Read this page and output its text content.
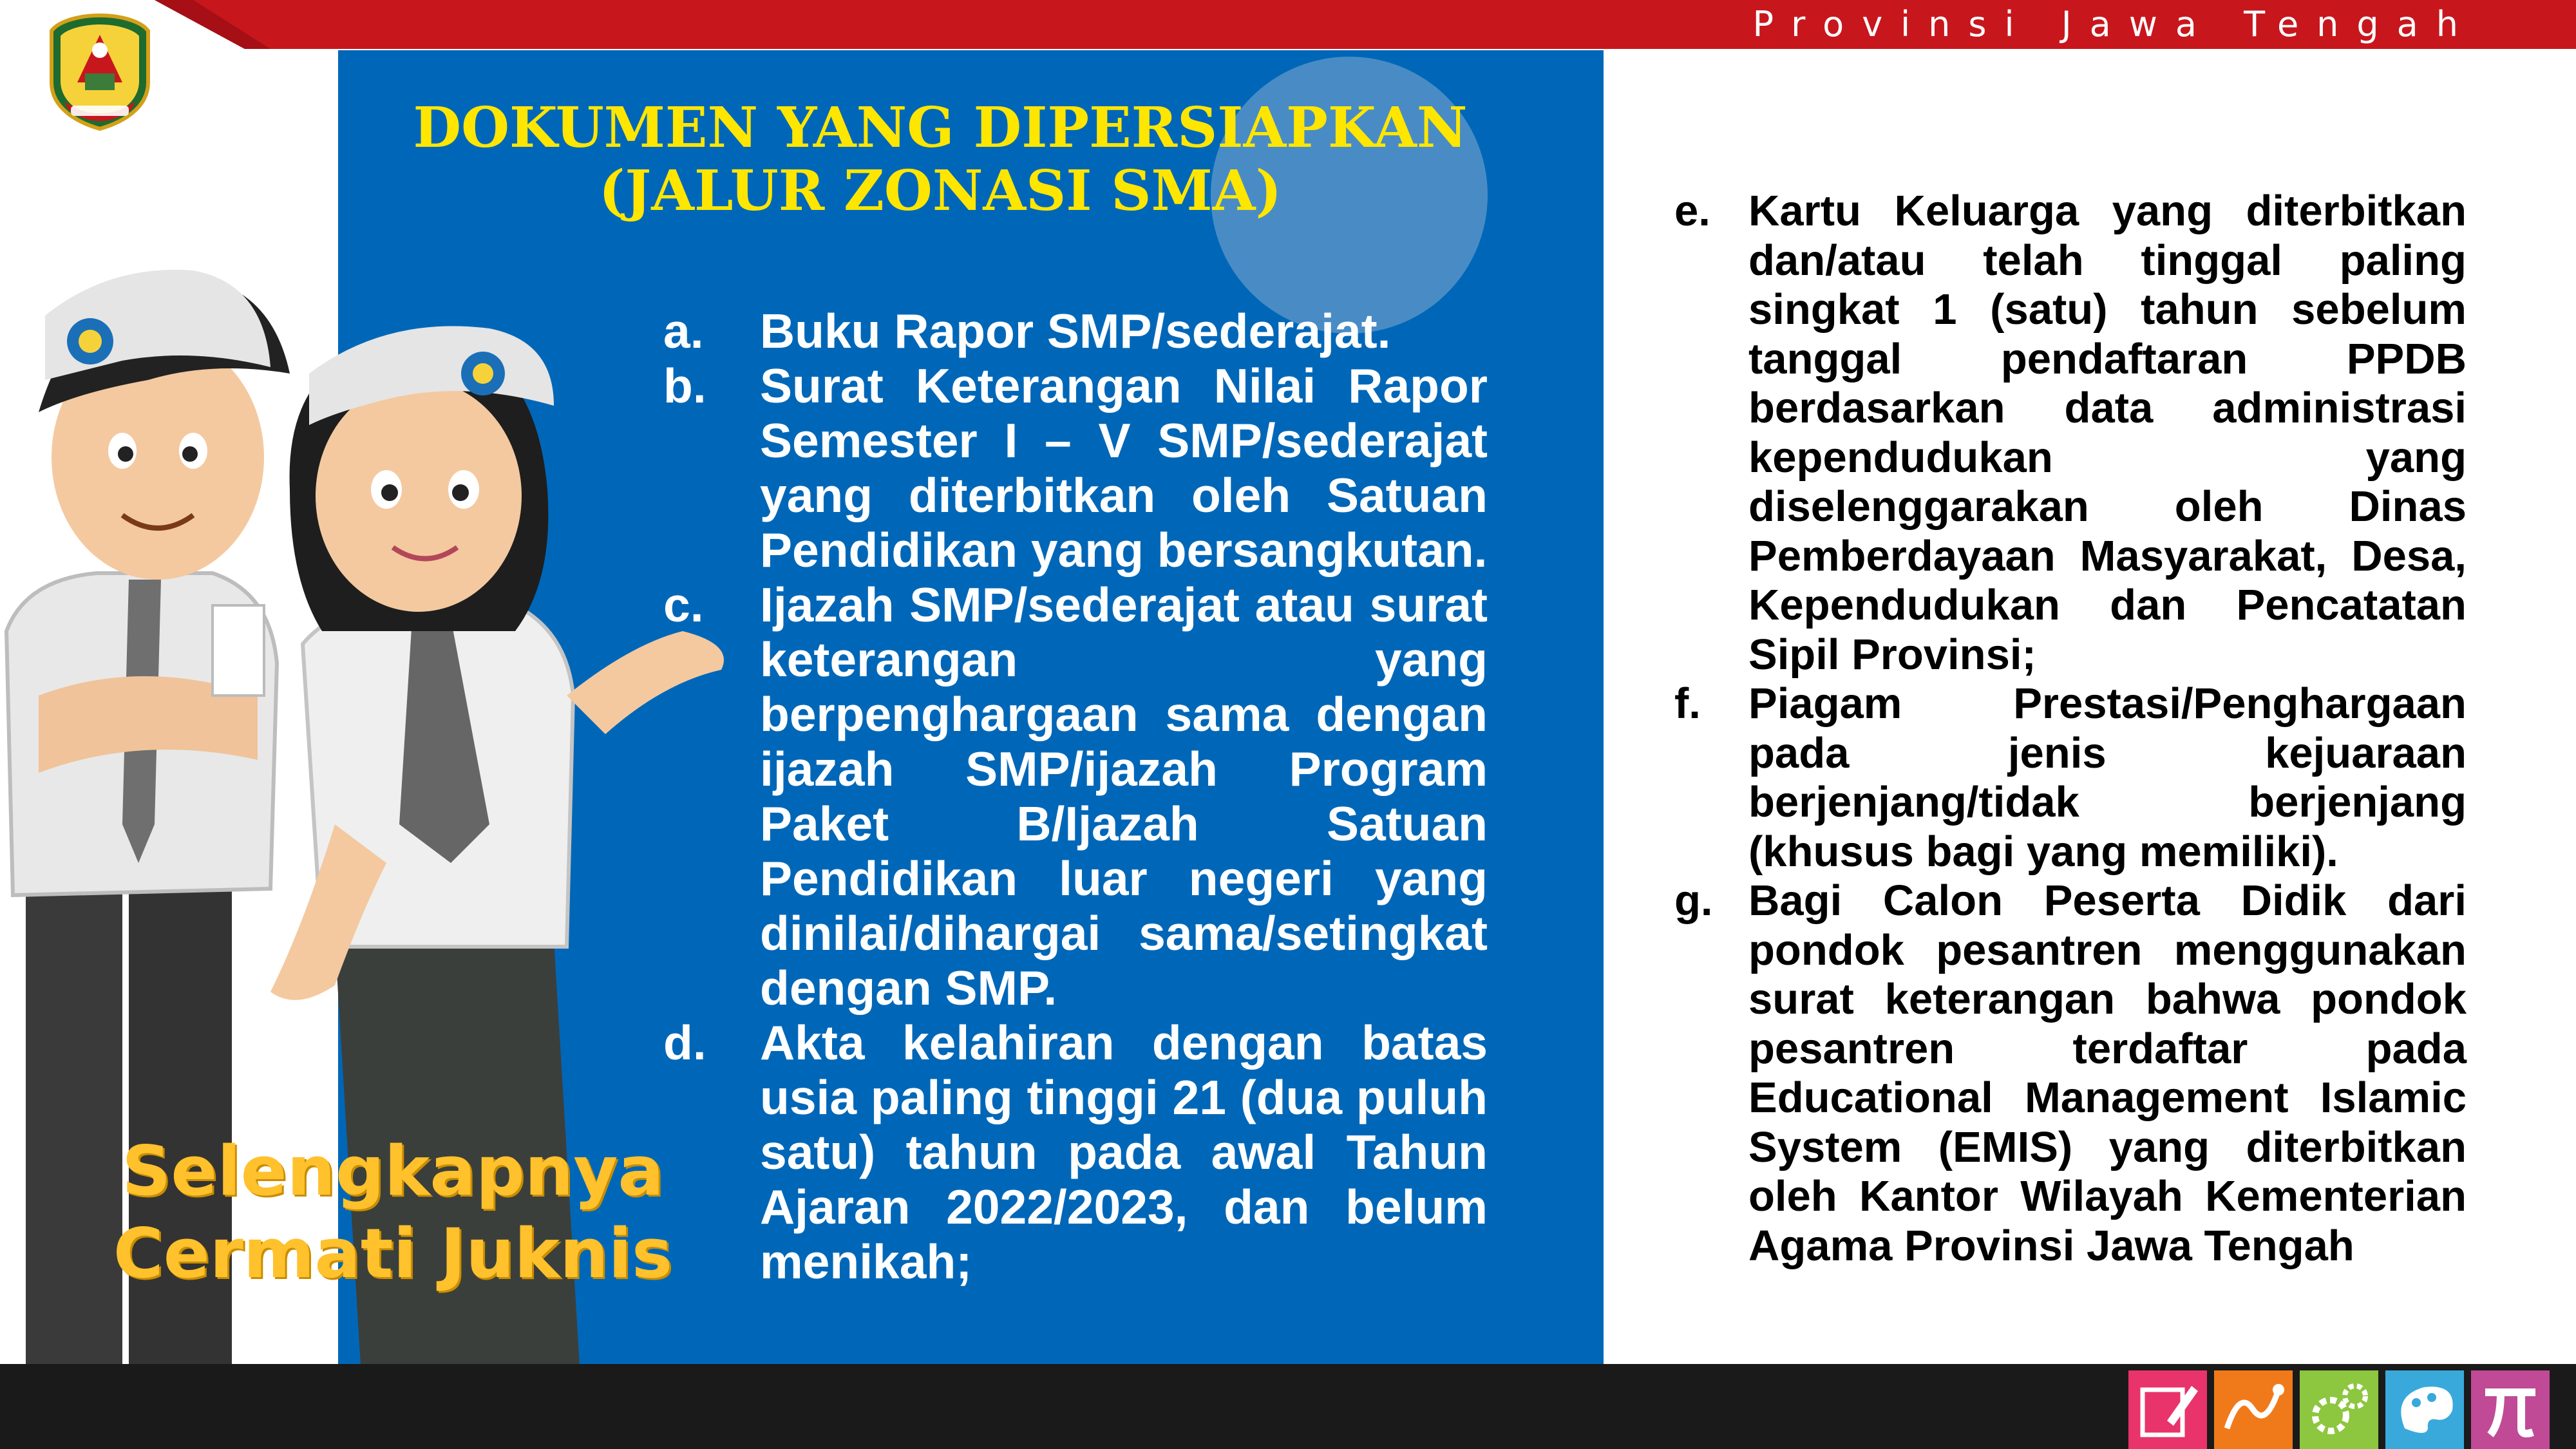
Provinsi Jawa Tengah
DOKUMEN YANG DIPERSIAPKAN
(JALUR ZONASI SMA)
a. Buku Rapor SMP/sederajat.
b. Surat Keterangan Nilai Rapor Semester I – V SMP/sederajat yang diterbitkan oleh Satuan Pendidikan yang bersangkutan.
c. Ijazah SMP/sederajat atau surat keterangan yang berpenghargaan sama dengan ijazah SMP/ijazah Program Paket B/Ijazah Satuan Pendidikan luar negeri yang dinilai/dihargai sama/setingkat dengan SMP.
d. Akta kelahiran dengan batas usia paling tinggi 21 (dua puluh satu) tahun pada awal Tahun Ajaran 2022/2023, dan belum menikah;
e. Kartu Keluarga yang diterbitkan dan/atau telah tinggal paling singkat 1 (satu) tahun sebelum tanggal pendaftaran PPDB berdasarkan data administrasi kependudukan yang diselenggarakan oleh Dinas Pemberdayaan Masyarakat, Desa, Kependudukan dan Pencatatan Sipil Provinsi;
f. Piagam Prestasi/Penghargaan pada jenis kejuaraan berjenjang/tidak berjenjang (khusus bagi yang memiliki).
g. Bagi Calon Peserta Didik dari pondok pesantren menggunakan surat keterangan bahwa pondok pesantren terdaftar pada Educational Management Islamic System (EMIS) yang diterbitkan oleh Kantor Wilayah Kementerian Agama Provinsi Jawa Tengah
Selengkapnya
Cermati Juknis
